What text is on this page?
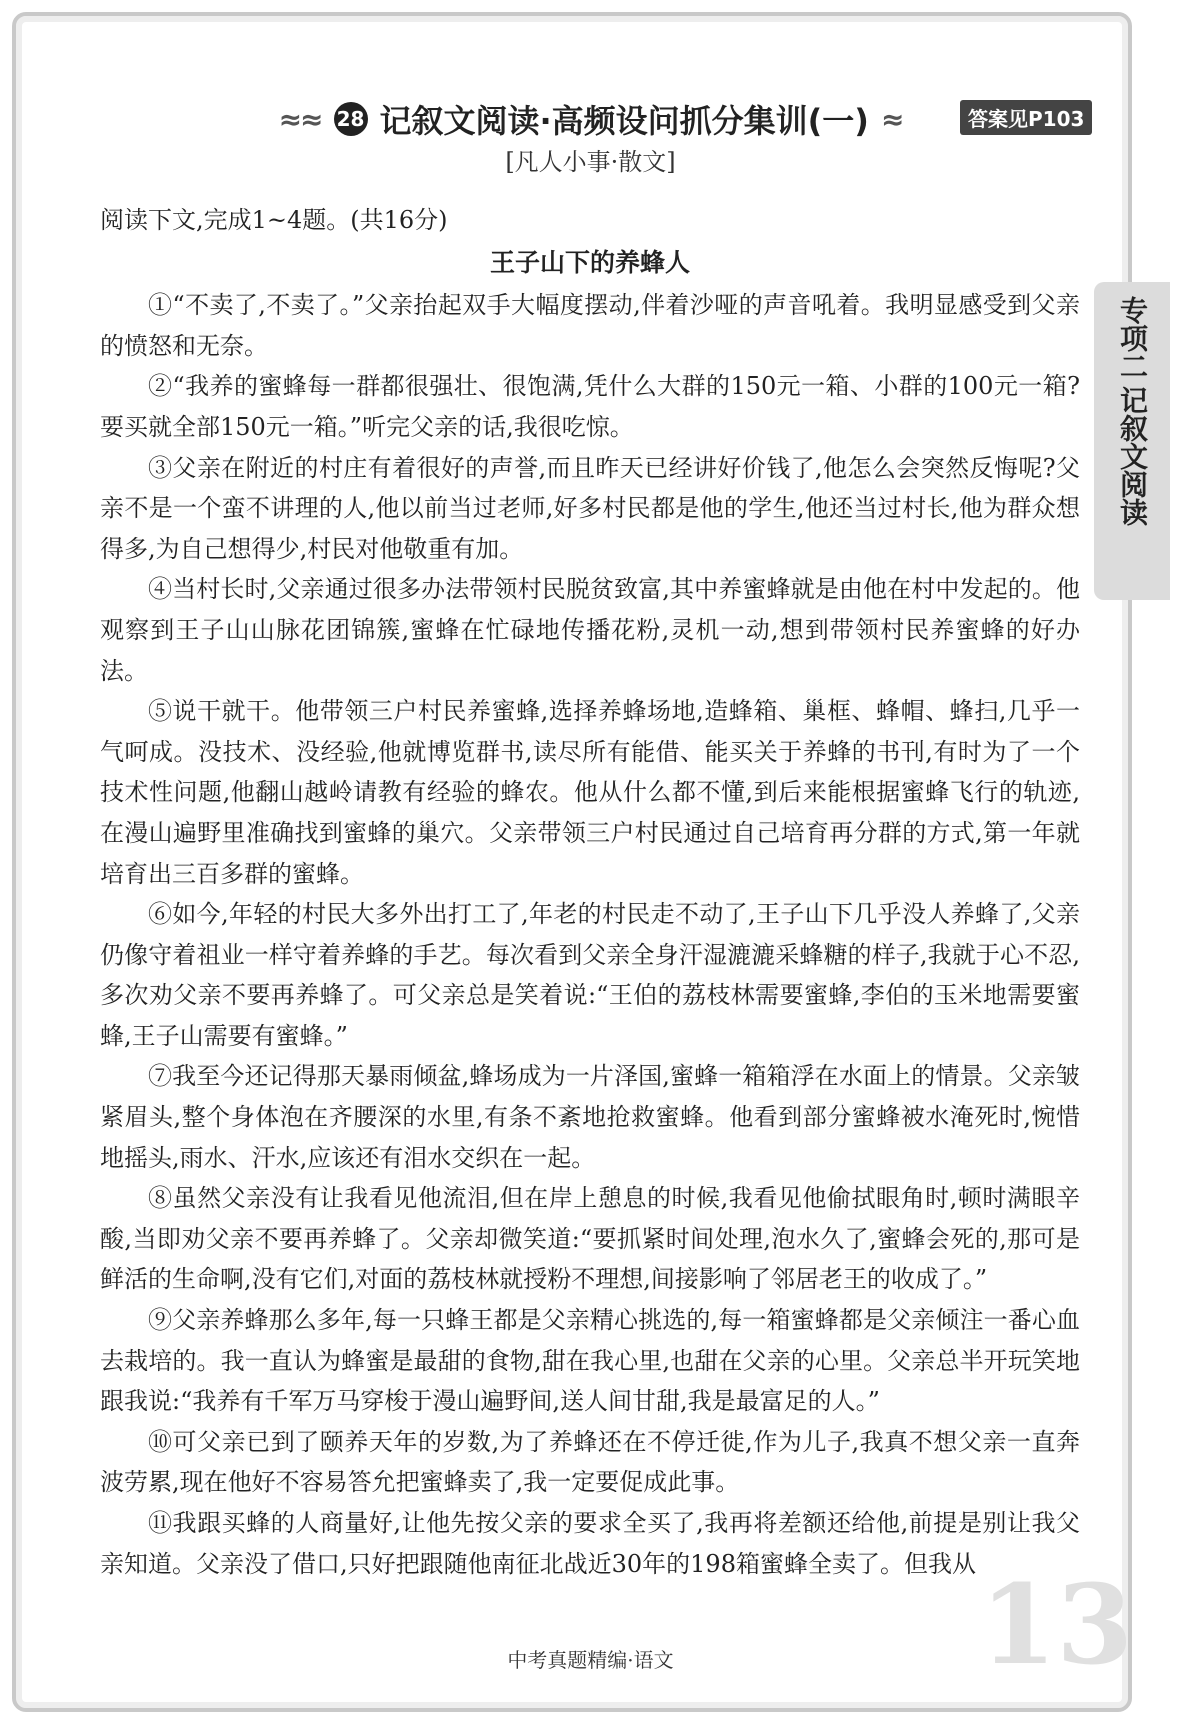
≈≈ 28 记叙文阅读·高频设问抓分集训(一) ≈	答案见P103
[凡人小事·散文]
专项二
记叙文阅读

阅读下文,完成1~4题。(共16分)

王子山下的养蜂人

①“不卖了,不卖了。”父亲抬起双手大幅度摆动,伴着沙哑的声音吼着。我明显感受到父亲的愤怒和无奈。

②“我养的蜜蜂每一群都很强壮、很饱满,凭什么大群的150元一箱、小群的100元一箱?要买就全部150元一箱。”听完父亲的话,我很吃惊。

③父亲在附近的村庄有着很好的声誉,而且昨天已经讲好价钱了,他怎么会突然反悔呢?父亲不是一个蛮不讲理的人,他以前当过老师,好多村民都是他的学生,他还当过村长,他为群众想得多,为自己想得少,村民对他敬重有加。

④当村长时,父亲通过很多办法带领村民脱贫致富,其中养蜜蜂就是由他在村中发起的。他观察到王子山山脉花团锦簇,蜜蜂在忙碌地传播花粉,灵机一动,想到带领村民养蜜蜂的好办法。

⑤说干就干。他带领三户村民养蜜蜂,选择养蜂场地,造蜂箱、巢框、蜂帽、蜂扫,几乎一气呵成。没技术、没经验,他就博览群书,读尽所有能借、能买关于养蜂的书刊,有时为了一个技术性问题,他翻山越岭请教有经验的蜂农。他从什么都不懂,到后来能根据蜜蜂飞行的轨迹,在漫山遍野里准确找到蜜蜂的巢穴。父亲带领三户村民通过自己培育再分群的方式,第一年就培育出三百多群的蜜蜂。

⑥如今,年轻的村民大多外出打工了,年老的村民走不动了,王子山下几乎没人养蜂了,父亲仍像守着祖业一样守着养蜂的手艺。每次看到父亲全身汗湿漉漉采蜂糖的样子,我就于心不忍,多次劝父亲不要再养蜂了。可父亲总是笑着说:“王伯的荔枝林需要蜜蜂,李伯的玉米地需要蜜蜂,王子山需要有蜜蜂。”

⑦我至今还记得那天暴雨倾盆,蜂场成为一片泽国,蜜蜂一箱箱浮在水面上的情景。父亲皱紧眉头,整个身体泡在齐腰深的水里,有条不紊地抢救蜜蜂。他看到部分蜜蜂被水淹死时,惋惜地摇头,雨水、汗水,应该还有泪水交织在一起。

⑧虽然父亲没有让我看见他流泪,但在岸上憩息的时候,我看见他偷拭眼角时,顿时满眼辛酸,当即劝父亲不要再养蜂了。父亲却微笑道:“要抓紧时间处理,泡水久了,蜜蜂会死的,那可是鲜活的生命啊,没有它们,对面的荔枝林就授粉不理想,间接影响了邻居老王的收成了。”

⑨父亲养蜂那么多年,每一只蜂王都是父亲精心挑选的,每一箱蜜蜂都是父亲倾注一番心血去栽培的。我一直认为蜂蜜是最甜的食物,甜在我心里,也甜在父亲的心里。父亲总半开玩笑地跟我说:“我养有千军万马穿梭于漫山遍野间,送人间甘甜,我是最富足的人。”

⑩可父亲已到了颐养天年的岁数,为了养蜂还在不停迁徙,作为儿子,我真不想父亲一直奔波劳累,现在他好不容易答允把蜜蜂卖了,我一定要促成此事。

⑪我跟买蜂的人商量好,让他先按父亲的要求全买了,我再将差额还给他,前提是别让我父亲知道。父亲没了借口,只好把跟随他南征北战近30年的198箱蜜蜂全卖了。但我从 13
中考真题精编·语文
